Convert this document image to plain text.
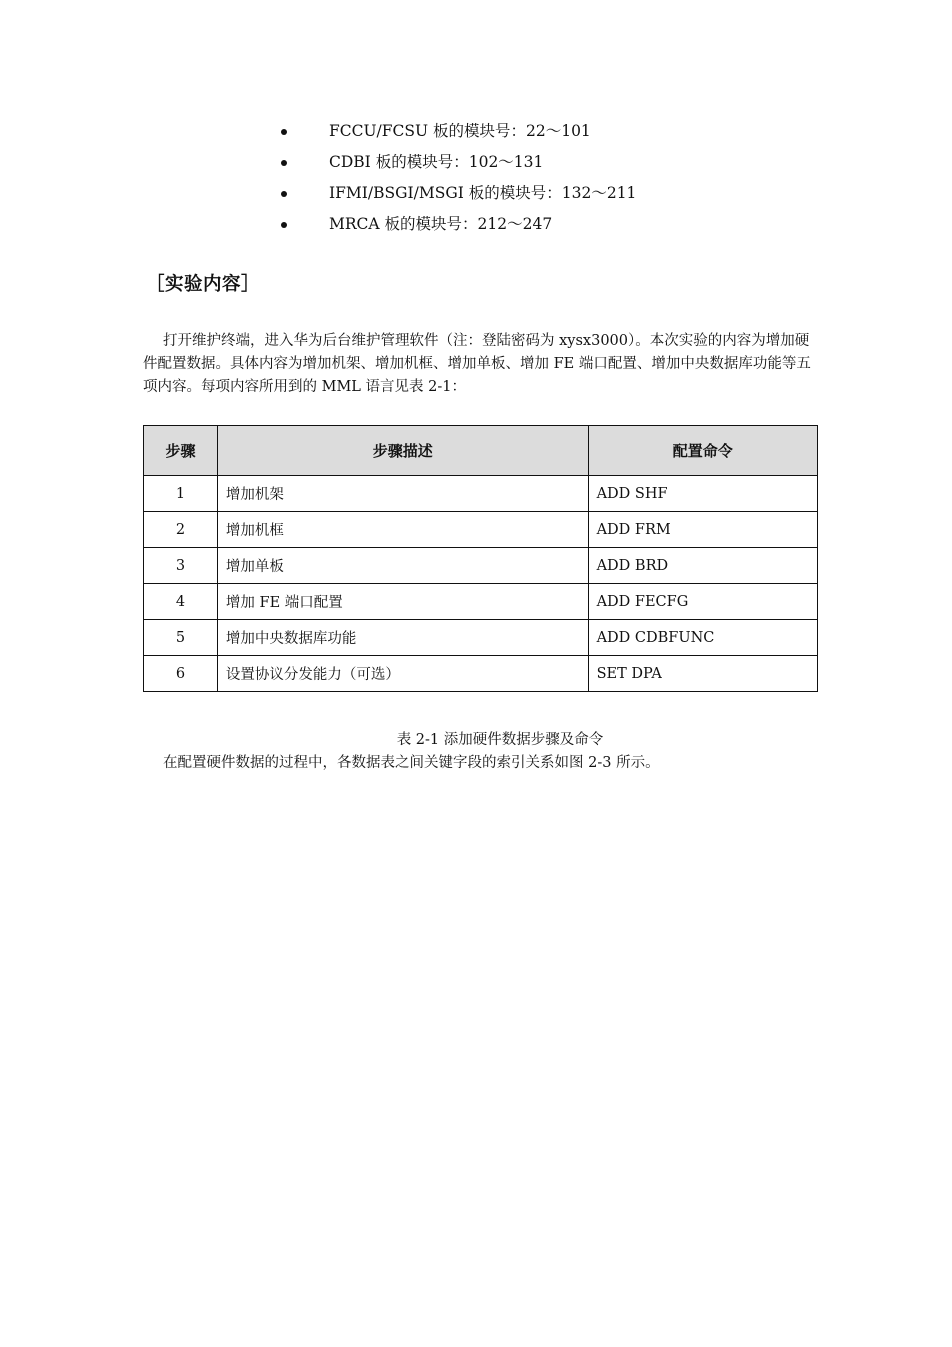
FCCU/FCSU 板的模块号：22～101
CDBI 板的模块号：102～131
IFMI/BSGI/MSGI 板的模块号：132～211
MRCA 板的模块号：212～247
［实验内容］

打开维护终端，进入华为后台维护管理软件（注：登陆密码为 xysx3000）。本次实验的内容为增加硬件配置数据。具体内容为增加机架、增加机框、增加单板、增加 FE 端口配置、增加中央数据库功能等五项内容。每项内容所用到的 MML 语言见表 2-1：

步骤	步骤描述	配置命令
1	增加机架	ADD SHF
2	增加机框	ADD FRM
3	增加单板	ADD BRD
4	增加 FE 端口配置	ADD FECFG
5	增加中央数据库功能	ADD CDBFUNC
6	设置协议分发能力（可选）	SET DPA
表 2-1 添加硬件数据步骤及命令

在配置硬件数据的过程中，各数据表之间关键字段的索引关系如图 2-3 所示。
